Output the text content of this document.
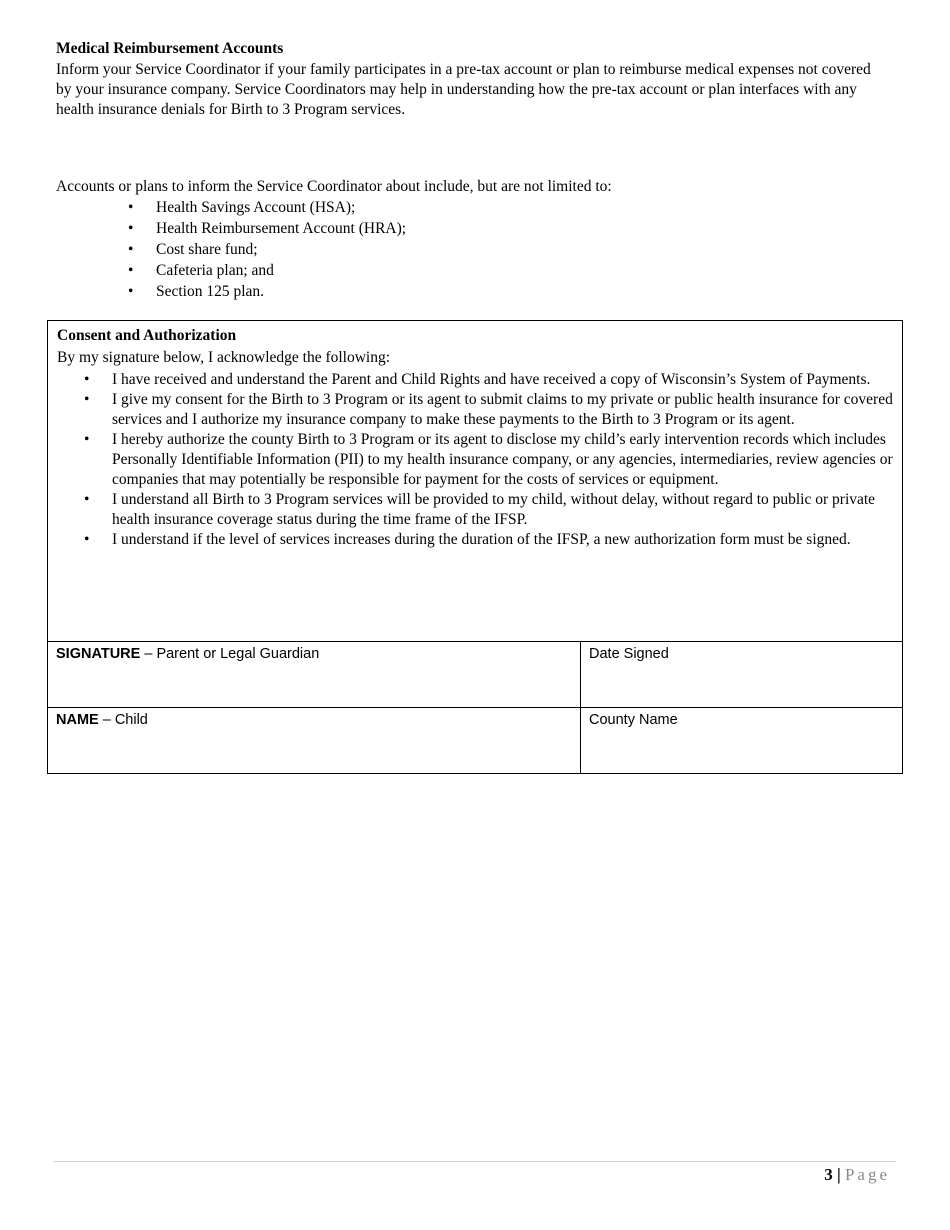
Medical Reimbursement Accounts
Inform your Service Coordinator if your family participates in a pre-tax account or plan to reimburse medical expenses not covered by your insurance company. Service Coordinators may help in understanding how the pre-tax account or plan interfaces with any health insurance denials for Birth to 3 Program services.
Accounts or plans to inform the Service Coordinator about include, but are not limited to:
• Health Savings Account (HSA);
• Health Reimbursement Account (HRA);
• Cost share fund;
• Cafeteria plan; and
• Section 125 plan.
Consent and Authorization
By my signature below, I acknowledge the following:
• I have received and understand the Parent and Child Rights and have received a copy of Wisconsin’s System of Payments.
• I give my consent for the Birth to 3 Program or its agent to submit claims to my private or public health insurance for covered services and I authorize my insurance company to make these payments to the Birth to 3 Program or its agent.
• I hereby authorize the county Birth to 3 Program or its agent to disclose my child’s early intervention records which includes Personally Identifiable Information (PII) to my health insurance company, or any agencies, intermediaries, review agencies or companies that may potentially be responsible for payment for the costs of services or equipment.
• I understand all Birth to 3 Program services will be provided to my child, without delay, without regard to public or private health insurance coverage status during the time frame of the IFSP.
• I understand if the level of services increases during the duration of the IFSP, a new authorization form must be signed.
SIGNATURE – Parent or Legal Guardian	Date Signed
NAME – Child	County Name
3 | Page
